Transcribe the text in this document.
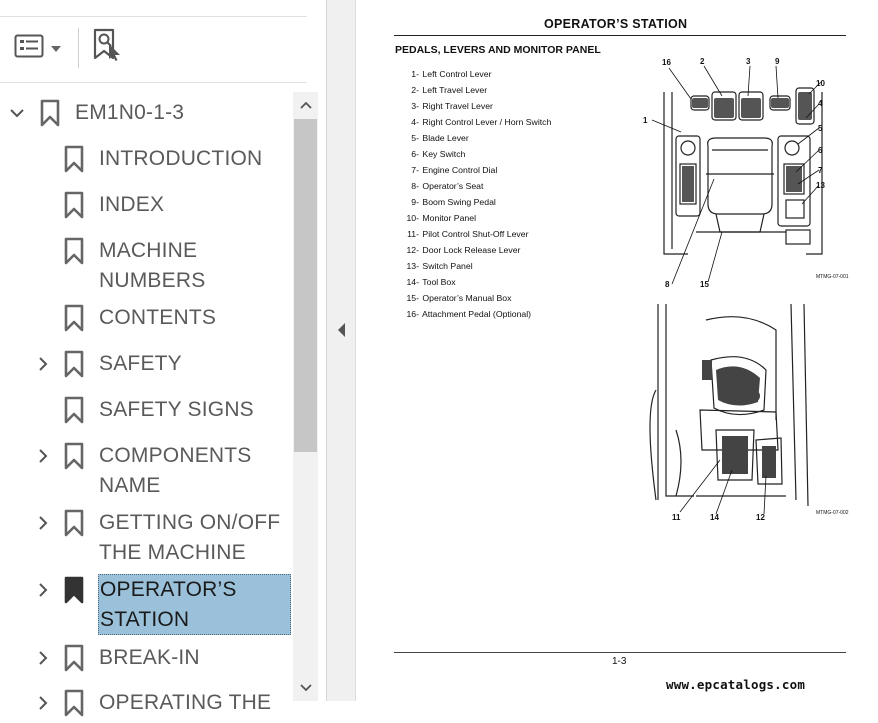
EM1N0-1-3
INTRODUCTION
INDEX
MACHINE
NUMBERS
CONTENTS
SAFETY
SAFETY SIGNS
COMPONENTS
NAME
GETTING ON/OFF
THE MACHINE
OPERATOR’S
STATION
BREAK-IN
OPERATING THE
OPERATOR’S STATION
PEDALS, LEVERS AND MONITOR PANEL
1- Left Control Lever
2- Left Travel Lever
3- Right Travel Lever
4- Right Control Lever / Horn Switch
5- Blade Lever
6- Key Switch
7- Engine Control Dial
8- Operator’s Seat
9- Boom Swing Pedal
10- Monitor Panel
11- Pilot Control Shut-Off Lever
12- Door Lock Release Lever
13- Switch Panel
14- Tool Box
15- Operator’s Manual Box
16- Attachment Pedal (Optional)
16	2	3	9
10
4
1
5
6
7
13
8	15
MTMG-07-001
11	14	12	MTMG-07-002
1-3
www.epcatalogs.com
